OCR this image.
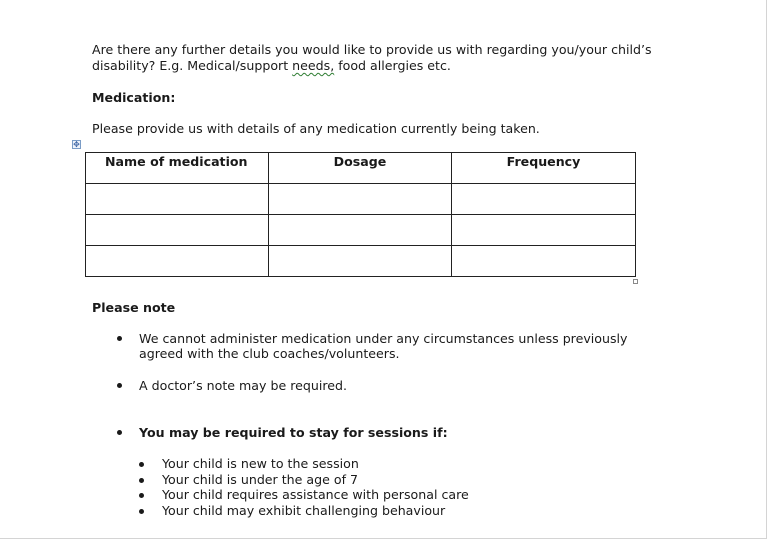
Are there any further details you would like to provide us with regarding you/your child’s
disability? E.g. Medical/support needs, food allergies etc.
Medication:
Please provide us with details of any medication currently being taken.
✥
Name of medication	Dosage	Frequency

Please note
We cannot administer medication under any circumstances unless previously
agreed with the club coaches/volunteers.
A doctor’s note may be required.
You may be required to stay for sessions if:
Your child is new to the session
Your child is under the age of 7
Your child requires assistance with personal care
Your child may exhibit challenging behaviour
